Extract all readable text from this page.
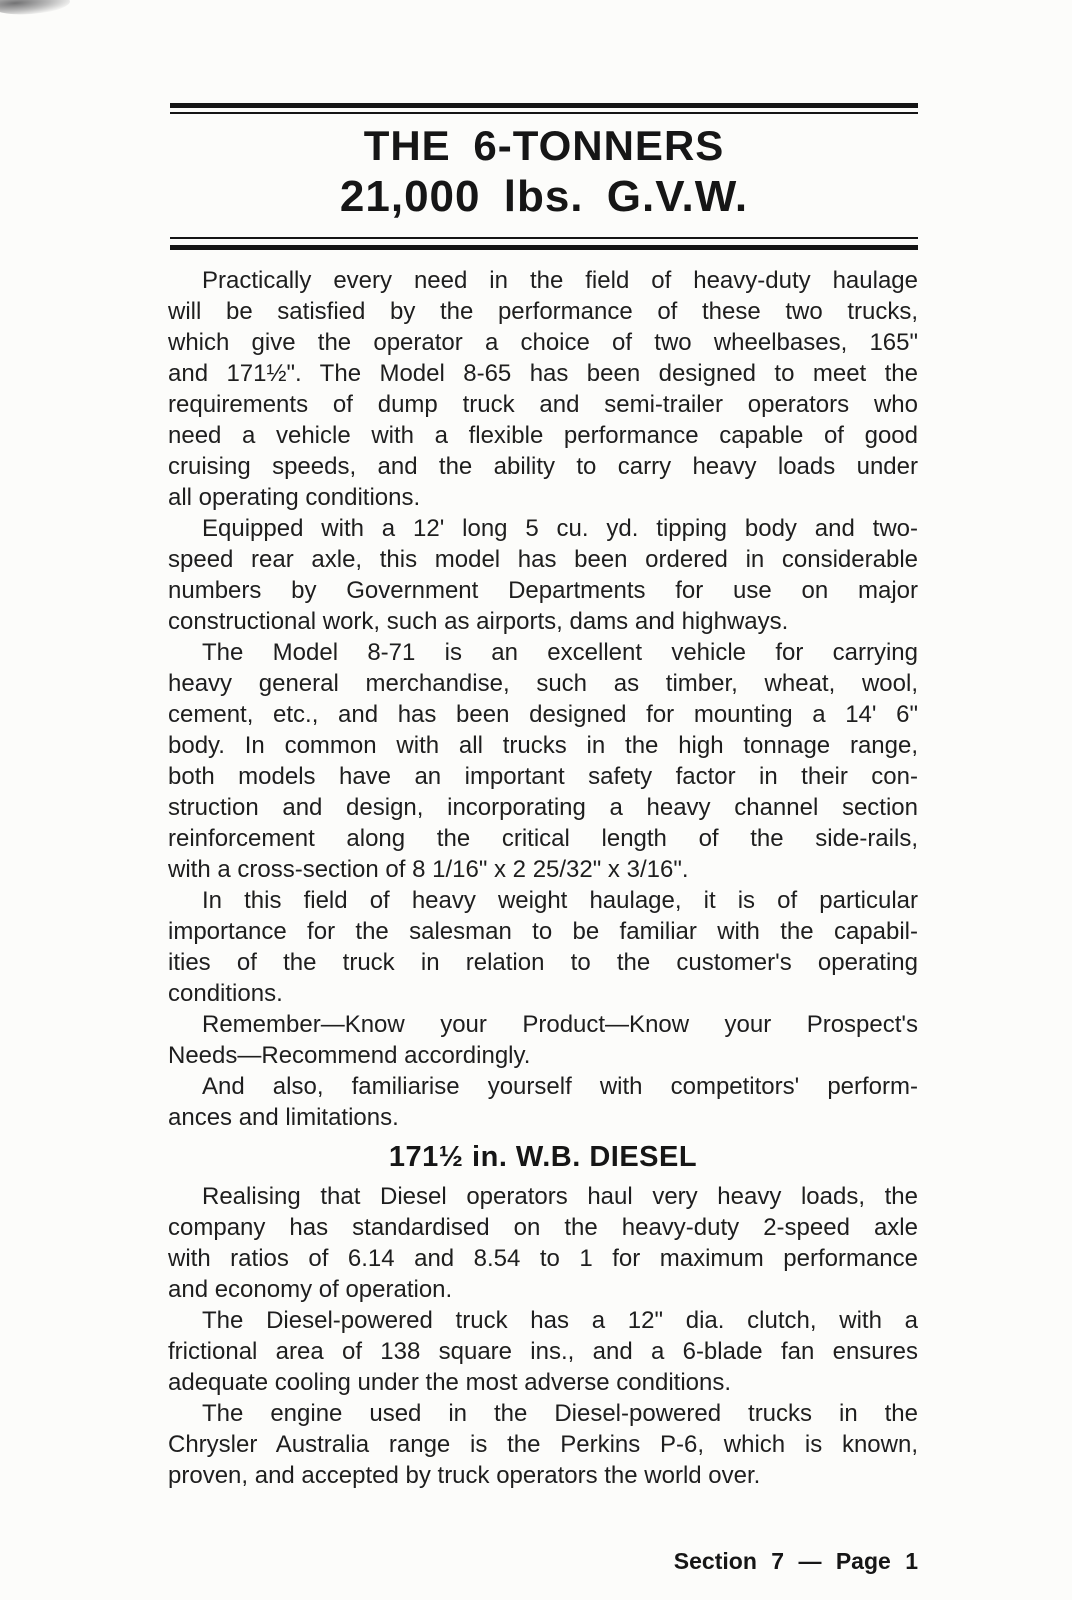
THE 6-TONNERS
21,000 lbs. G.V.W.
Practically every need in the field of heavy-duty haulage
will be satisfied by the performance of these two trucks,
which give the operator a choice of two wheelbases, 165"
and 171½". The Model 8-65 has been designed to meet the
requirements of dump truck and semi-trailer operators who
need a vehicle with a flexible performance capable of good
cruising speeds, and the ability to carry heavy loads under
all operating conditions.
Equipped with a 12' long 5 cu. yd. tipping body and two-
speed rear axle, this model has been ordered in considerable
numbers by Government Departments for use on major
constructional work, such as airports, dams and highways.
The Model 8-71 is an excellent vehicle for carrying
heavy general merchandise, such as timber, wheat, wool,
cement, etc., and has been designed for mounting a 14' 6"
body. In common with all trucks in the high tonnage range,
both models have an important safety factor in their con-
struction and design, incorporating a heavy channel section
reinforcement along the critical length of the side-rails,
with a cross-section of 8 1/16" x 2 25/32" x 3/16".
In this field of heavy weight haulage, it is of particular
importance for the salesman to be familiar with the capabil-
ities of the truck in relation to the customer's operating
conditions.
Remember—Know your Product—Know your Prospect's
Needs—Recommend accordingly.
And also, familiarise yourself with competitors' perform-
ances and limitations.
171½ in. W.B. DIESEL
Realising that Diesel operators haul very heavy loads, the
company has standardised on the heavy-duty 2-speed axle
with ratios of 6.14 and 8.54 to 1 for maximum performance
and economy of operation.
The Diesel-powered truck has a 12" dia. clutch, with a
frictional area of 138 square ins., and a 6-blade fan ensures
adequate cooling under the most adverse conditions.
The engine used in the Diesel-powered trucks in the
Chrysler Australia range is the Perkins P-6, which is known,
proven, and accepted by truck operators the world over.
Section 7 — Page 1
